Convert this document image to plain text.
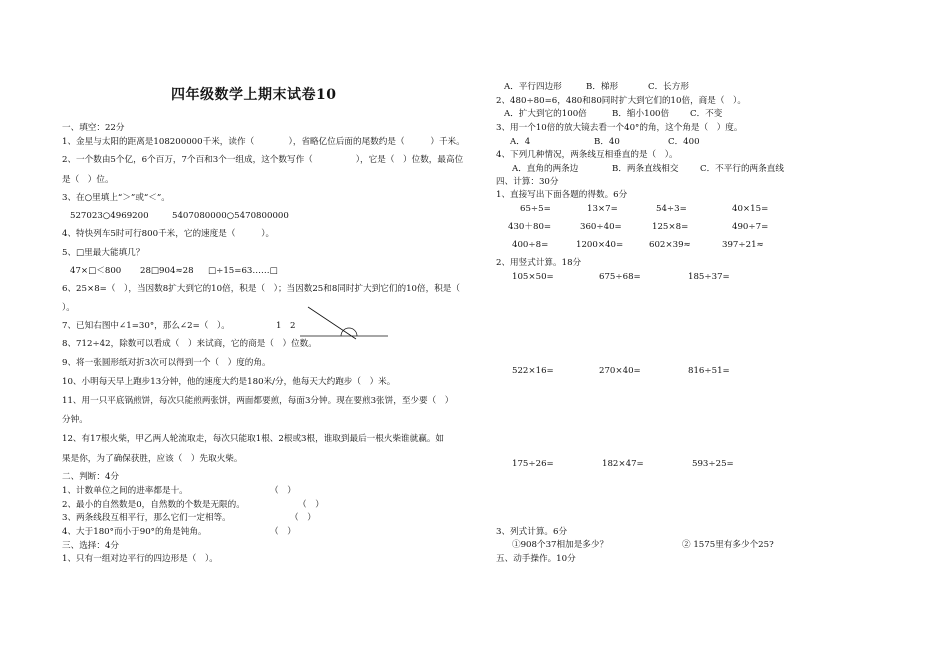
四年级数学上期末试卷10
一、填空：22分
1、金星与太阳的距离是108200000千米，读作（　　　　），省略亿位后面的尾数约是（　　　）千米。
2、一个数由5个亿，6个百万，7个百和3个一组成，这个数写作（　　　　　），它是（　）位数，最高位
是（　）位。
3、在○里填上“＞”或“＜”。
527023○4969200	5407080000○5470800000
4、特快列车5时可行800千米，它的速度是（　　　）。
5、□里最大能填几？
47×□＜800 28□904≈28 □÷15=63……□
6、25×8=（　），当因数8扩大到它的10倍，积是（　）；当因数25和8同时扩大到它们的10倍，积是（
）。
7、已知右图中∠1=30°，那么∠2=（　）。	1 2
8、712÷42，除数可以看成（　）来试商，它的商是（　）位数。
9、将一张圆形纸对折3次可以得到一个（　）度的角。
10、小明每天早上跑步13分钟，他的速度大约是180米/分，他每天大约跑步（　）米。
11、用一只平底锅煎饼，每次只能煎两张饼，两面都要煎，每面3分钟。现在要煎3张饼，至少要（　）
分钟。
12、有17根火柴，甲乙两人轮流取走，每次只能取1根、2根或3根，谁取到最后一根火柴谁就赢。如
果是你，为了确保获胜，应该（　）先取火柴。
二、判断：4分
1、计数单位之间的进率都是十。	（　）
2、最小的自然数是0，自然数的个数是无限的。	（　）
3、两条线段互相平行，那么它们一定相等。	（　）
4、大于180°而小于90°的角是钝角。	（　）
三、选择：4分
1、只有一组对边平行的四边形是（　）。
A．平行四边形	B．梯形	C．长方形
2、480÷80=6，480和80同时扩大到它们的10倍，商是（　）。
A．扩大到它的100倍	B．缩小100倍 C．不变
3、用一个10倍的放大镜去看一个40°的角，这个角是（　）度。
A．4	B．40	C．400
4、下列几种情况，两条线互相垂直的是（　）。
A．直角的两条边	B．两条直线相交	C．不平行的两条直线
四、计算：30分
1、直接写出下面各题的得数。6分
65÷5=	13×7=	54÷3=	40×15=
430＋80=	360÷40=	125×8=	490÷7=
400÷8=	1200×40=	602×39≈	397÷21≈
2、用竖式计算。18分
105×50=	675÷68=	185÷37=
522×16=	270×40=	816÷51=
175÷26=	182×47=	593÷25=
3、列式计算。6分
①908个37相加是多少？	② 1575里有多少个25?
五、动手操作。10分
